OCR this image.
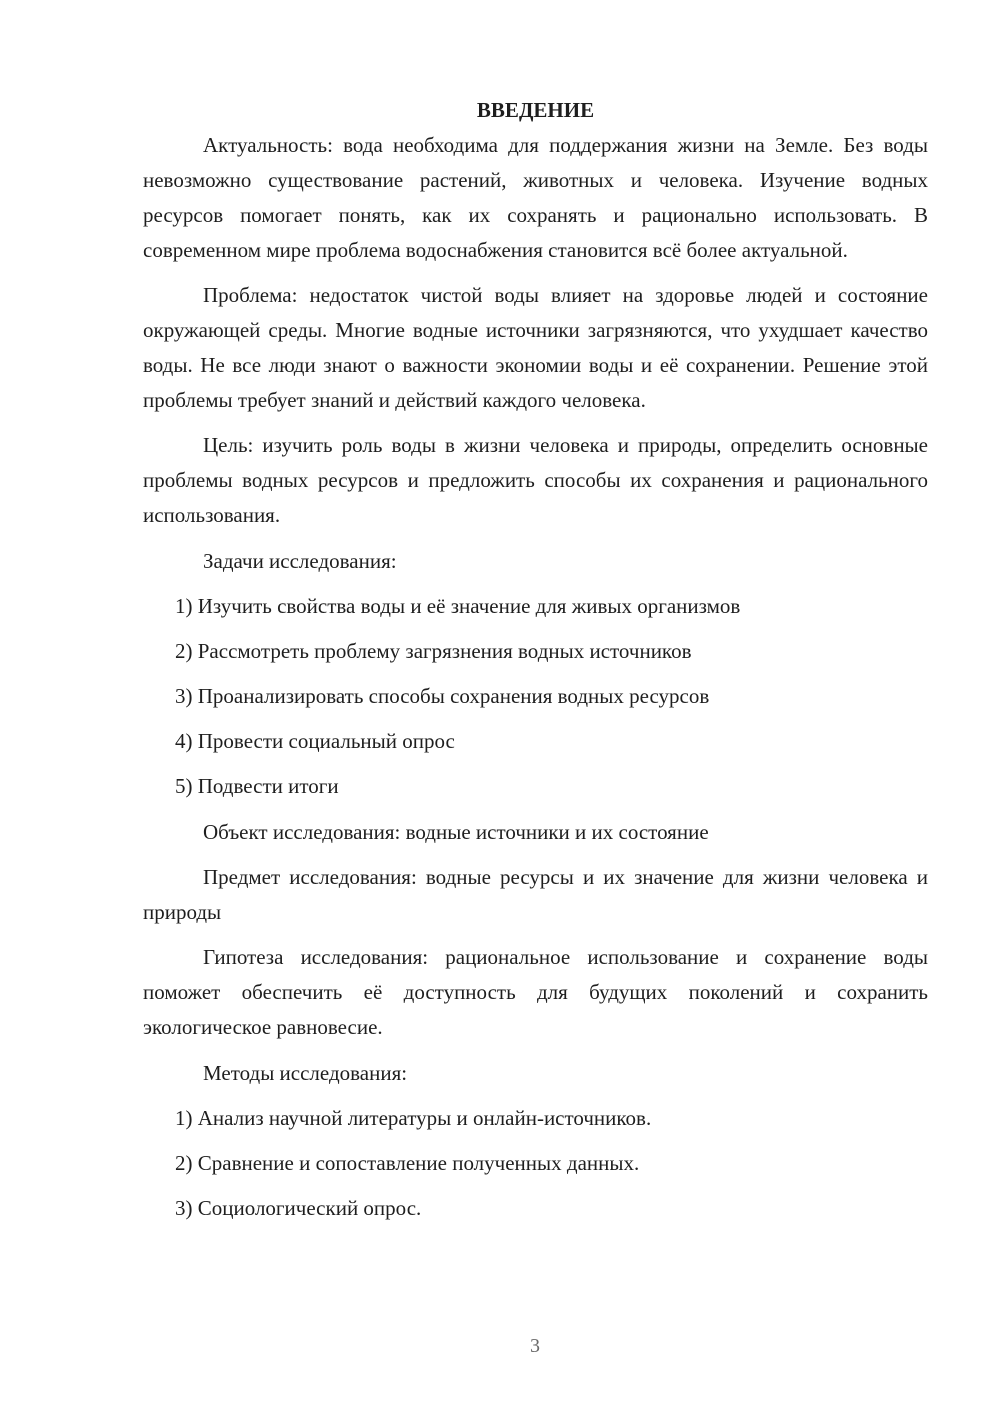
ВВЕДЕНИЕ

Актуальность: вода необходима для поддержания жизни на Земле. Без воды невозможно существование растений, животных и человека. Изучение водных ресурсов помогает понять, как их сохранять и рационально использовать. В современном мире проблема водоснабжения становится всё более актуальной.

Проблема: недостаток чистой воды влияет на здоровье людей и состояние окружающей среды. Многие водные источники загрязняются, что ухудшает качество воды. Не все люди знают о важности экономии воды и её сохранении. Решение этой проблемы требует знаний и действий каждого человека.

Цель: изучить роль воды в жизни человека и природы, определить основные проблемы водных ресурсов и предложить способы их сохранения и рационального использования.

Задачи исследования:
1) Изучить свойства воды и её значение для живых организмов
2) Рассмотреть проблему загрязнения водных источников
3) Проанализировать способы сохранения водных ресурсов
4) Провести социальный опрос
5) Подвести итоги
Объект исследования: водные источники и их состояние

Предмет исследования: водные ресурсы и их значение для жизни человека и природы

Гипотеза исследования: рациональное использование и сохранение воды поможет обеспечить её доступность для будущих поколений и сохранить экологическое равновесие.

Методы исследования:
1) Анализ научной литературы и онлайн-источников.
2) Сравнение и сопоставление полученных данных.
3) Социологический опрос.
3
